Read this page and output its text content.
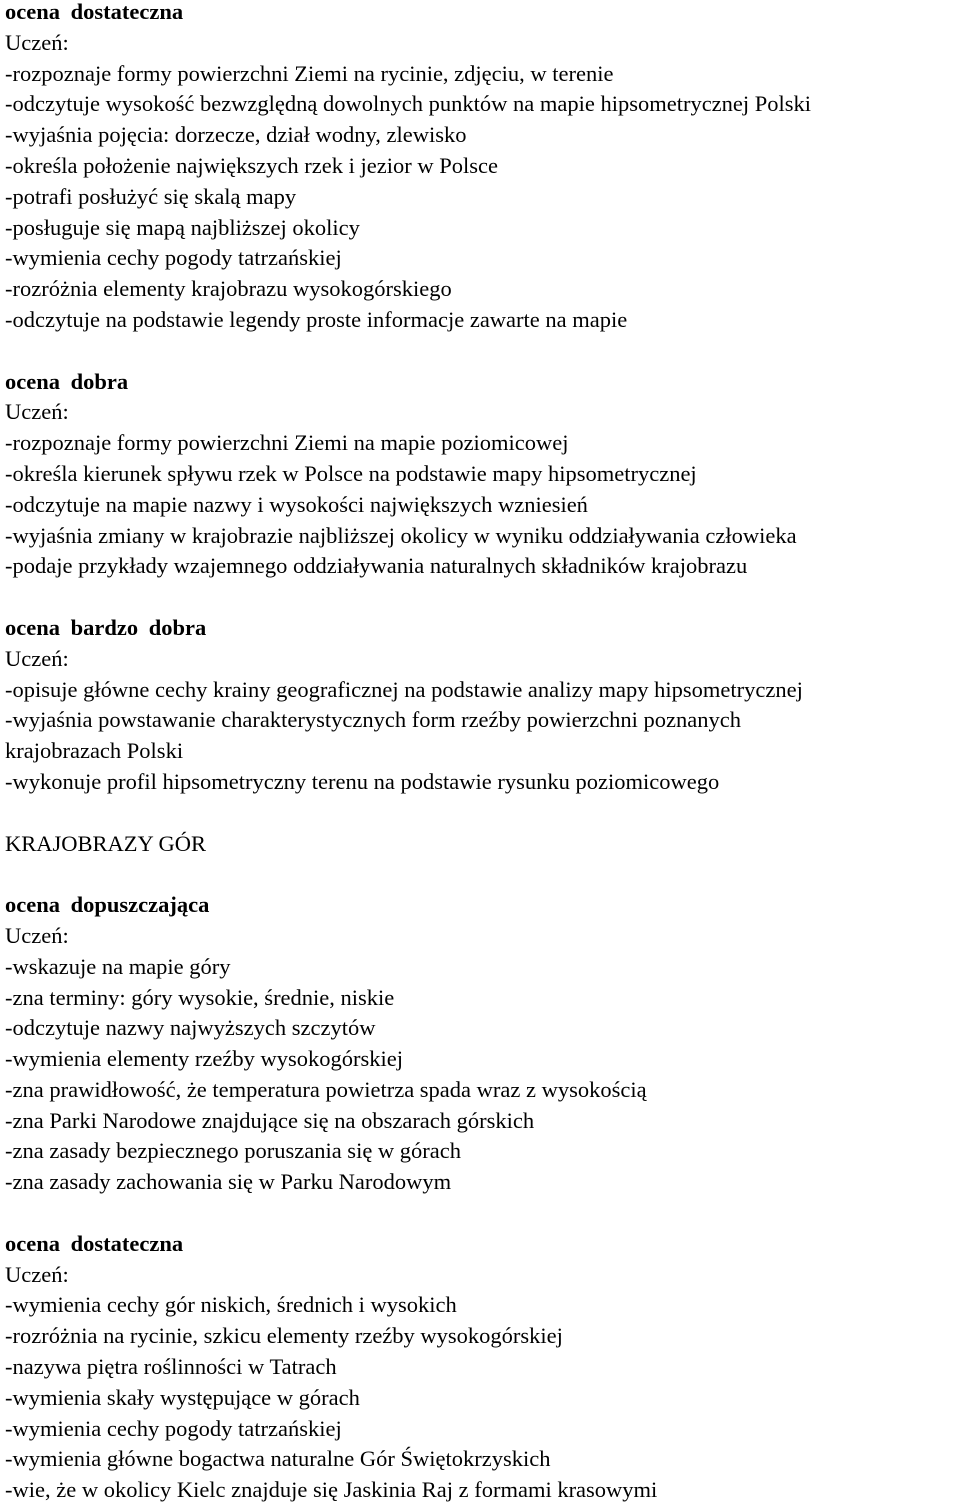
ocena dostateczna
Uczeń:
-rozpoznaje formy powierzchni Ziemi na rycinie, zdjęciu, w terenie
-odczytuje wysokość bezwzględną dowolnych punktów na mapie hipsometrycznej Polski
-wyjaśnia pojęcia: dorzecze, dział wodny, zlewisko
-określa położenie największych rzek i jezior w Polsce
-potrafi posłużyć się skalą mapy
-posługuje się mapą najbliższej okolicy
-wymienia cechy pogody tatrzańskiej
-rozróżnia elementy krajobrazu wysokogórskiego
-odczytuje na podstawie legendy proste informacje zawarte na mapie
ocena dobra
Uczeń:
-rozpoznaje formy powierzchni Ziemi na mapie poziomicowej
-określa kierunek spływu rzek w Polsce na podstawie mapy hipsometrycznej
-odczytuje na mapie nazwy i wysokości największych wzniesień
-wyjaśnia zmiany w krajobrazie najbliższej okolicy w wyniku oddziaływania człowieka
-podaje przykłady wzajemnego oddziaływania naturalnych składników krajobrazu
ocena bardzo dobra
Uczeń:
-opisuje główne cechy krainy geograficznej na podstawie analizy mapy hipsometrycznej
-wyjaśnia powstawanie charakterystycznych form rzeźby powierzchni poznanych
krajobrazach Polski
-wykonuje profil hipsometryczny terenu na podstawie rysunku poziomicowego
KRAJOBRAZY GÓR
ocena dopuszczająca
Uczeń:
-wskazuje na mapie góry
-zna terminy: góry wysokie, średnie, niskie
-odczytuje nazwy najwyższych szczytów
-wymienia elementy rzeźby wysokogórskiej
-zna prawidłowość, że temperatura powietrza spada wraz z wysokością
-zna Parki Narodowe znajdujące się na obszarach górskich
-zna zasady bezpiecznego poruszania się w górach
-zna zasady zachowania się w Parku Narodowym
ocena dostateczna
Uczeń:
-wymienia cechy gór niskich, średnich i wysokich
-rozróżnia na rycinie, szkicu elementy rzeźby wysokogórskiej
-nazywa piętra roślinności w Tatrach
-wymienia skały występujące w górach
-wymienia cechy pogody tatrzańskiej
-wymienia główne bogactwa naturalne Gór Świętokrzyskich
-wie, że w okolicy Kielc znajduje się Jaskinia Raj z formami krasowymi
